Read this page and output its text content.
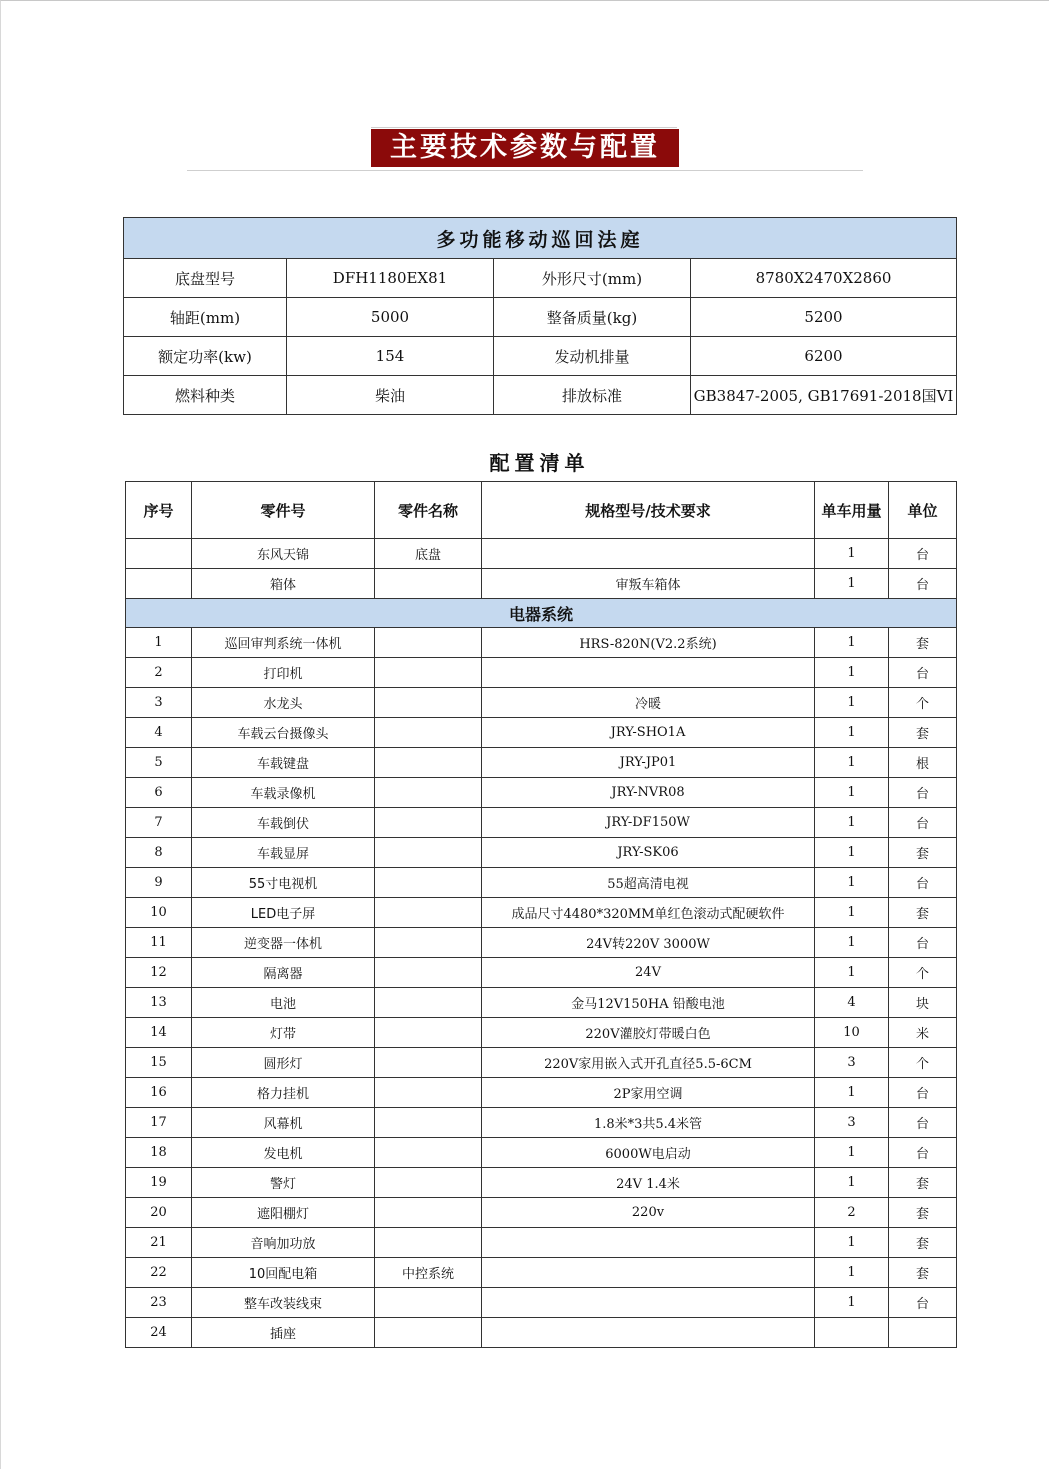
主要技术参数与配置
多功能移动巡回法庭			
底盘型号	DFH1180EX81	外形尺寸(mm)	8780X2470X2860
轴距(mm)	5000	整备质量(kg)	5200
额定功率(kw)	154	发动机排量	6200
燃料种类	柴油	排放标准	GB3847-2005, GB17691-2018国VI
配置清单
序号	零件号	零件名称	规格型号/技术要求	单车用量	单位
	东风天锦	底盘		1	台
	箱体		审叛车箱体	1	台
电器系统					
1	巡回审判系统一体机		HRS-820N(V2.2系统)	1	套
2	打印机			1	台
3	水龙头		冷暖	1	个
4	车载云台摄像头		JRY-SHO1A	1	套
5	车载键盘		JRY-JP01	1	根
6	车载录像机		JRY-NVR08	1	台
7	车载倒伏		JRY-DF150W	1	台
8	车载显屏		JRY-SK06	1	套
9	55寸电视机		55超高清电视	1	台
10	LED电子屏		成品尺寸4480*320MM单红色滚动式配硬软件	1	套
11	逆变器一体机		24V转220V 3000W	1	台
12	隔离器		24V	1	个
13	电池		金马12V150HA 铅酸电池	4	块
14	灯带		220V灌胶灯带暖白色	10	米
15	圆形灯		220V家用嵌入式开孔直径5.5-6CM	3	个
16	格力挂机		2P家用空调	1	台
17	风幕机		1.8米*3共5.4米管	3	台
18	发电机		6000W电启动	1	台
19	警灯		24V 1.4米	1	套
20	遮阳棚灯		220v	2	套
21	音响加功放			1	套
22	10回配电箱	中控系统		1	套
23	整车改装线束			1	台
24	插座				
